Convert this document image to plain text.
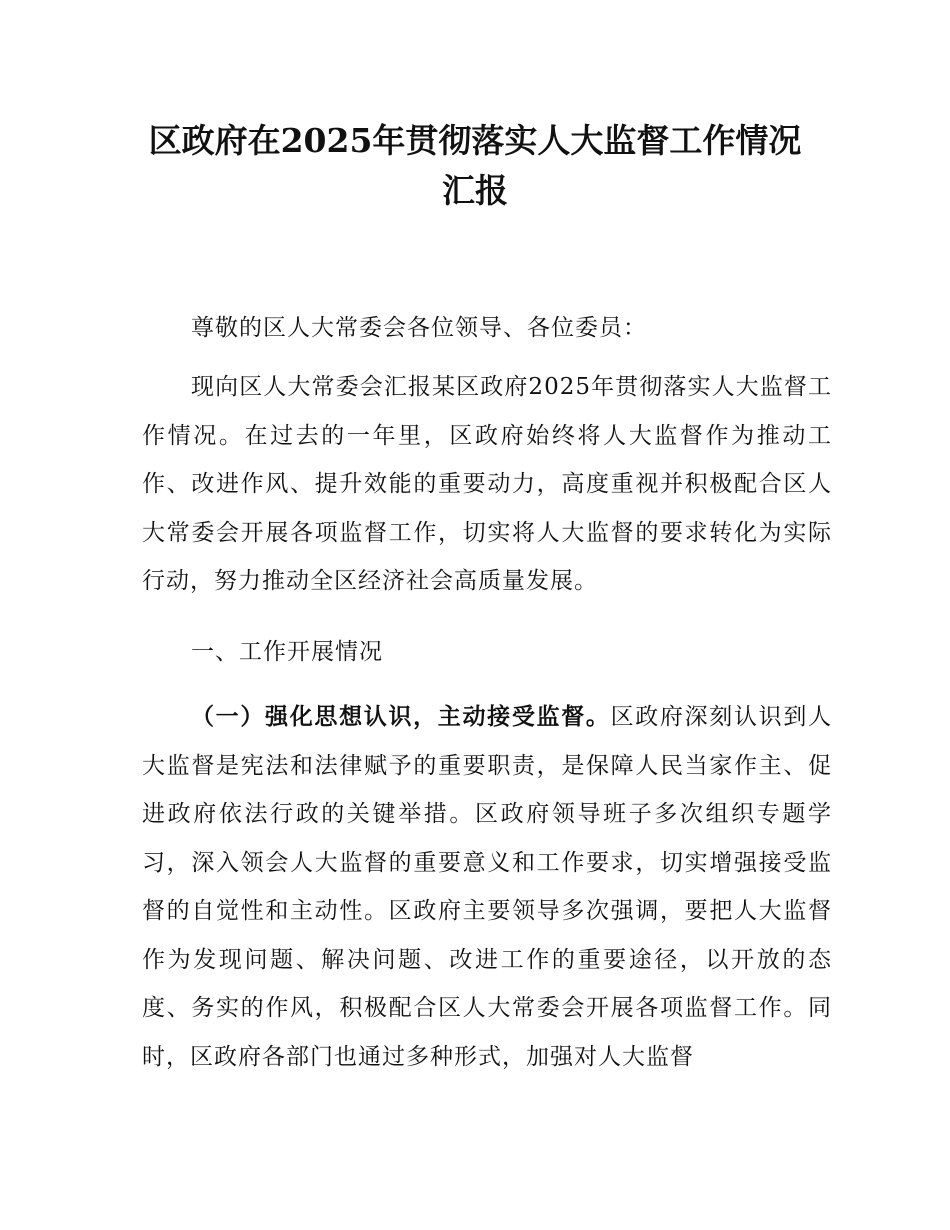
区政府在2025年贯彻落实人大监督工作情况
汇报

尊敬的区人大常委会各位领导、各位委员：

现向区人大常委会汇报某区政府2025年贯彻落实人大监督工作情况。在过去的一年里，区政府始终将人大监督作为推动工作、改进作风、提升效能的重要动力，高度重视并积极配合区人大常委会开展各项监督工作，切实将人大监督的要求转化为实际行动，努力推动全区经济社会高质量发展。

一、工作开展情况

（一）强化思想认识，主动接受监督。区政府深刻认识到人大监督是宪法和法律赋予的重要职责，是保障人民当家作主、促进政府依法行政的关键举措。区政府领导班子多次组织专题学习，深入领会人大监督的重要意义和工作要求，切实增强接受监督的自觉性和主动性。区政府主要领导多次强调，要把人大监督作为发现问题、解决问题、改进工作的重要途径，以开放的态度、务实的作风，积极配合区人大常委会开展各项监督工作。同时，区政府各部门也通过多种形式，加强对人大监督
